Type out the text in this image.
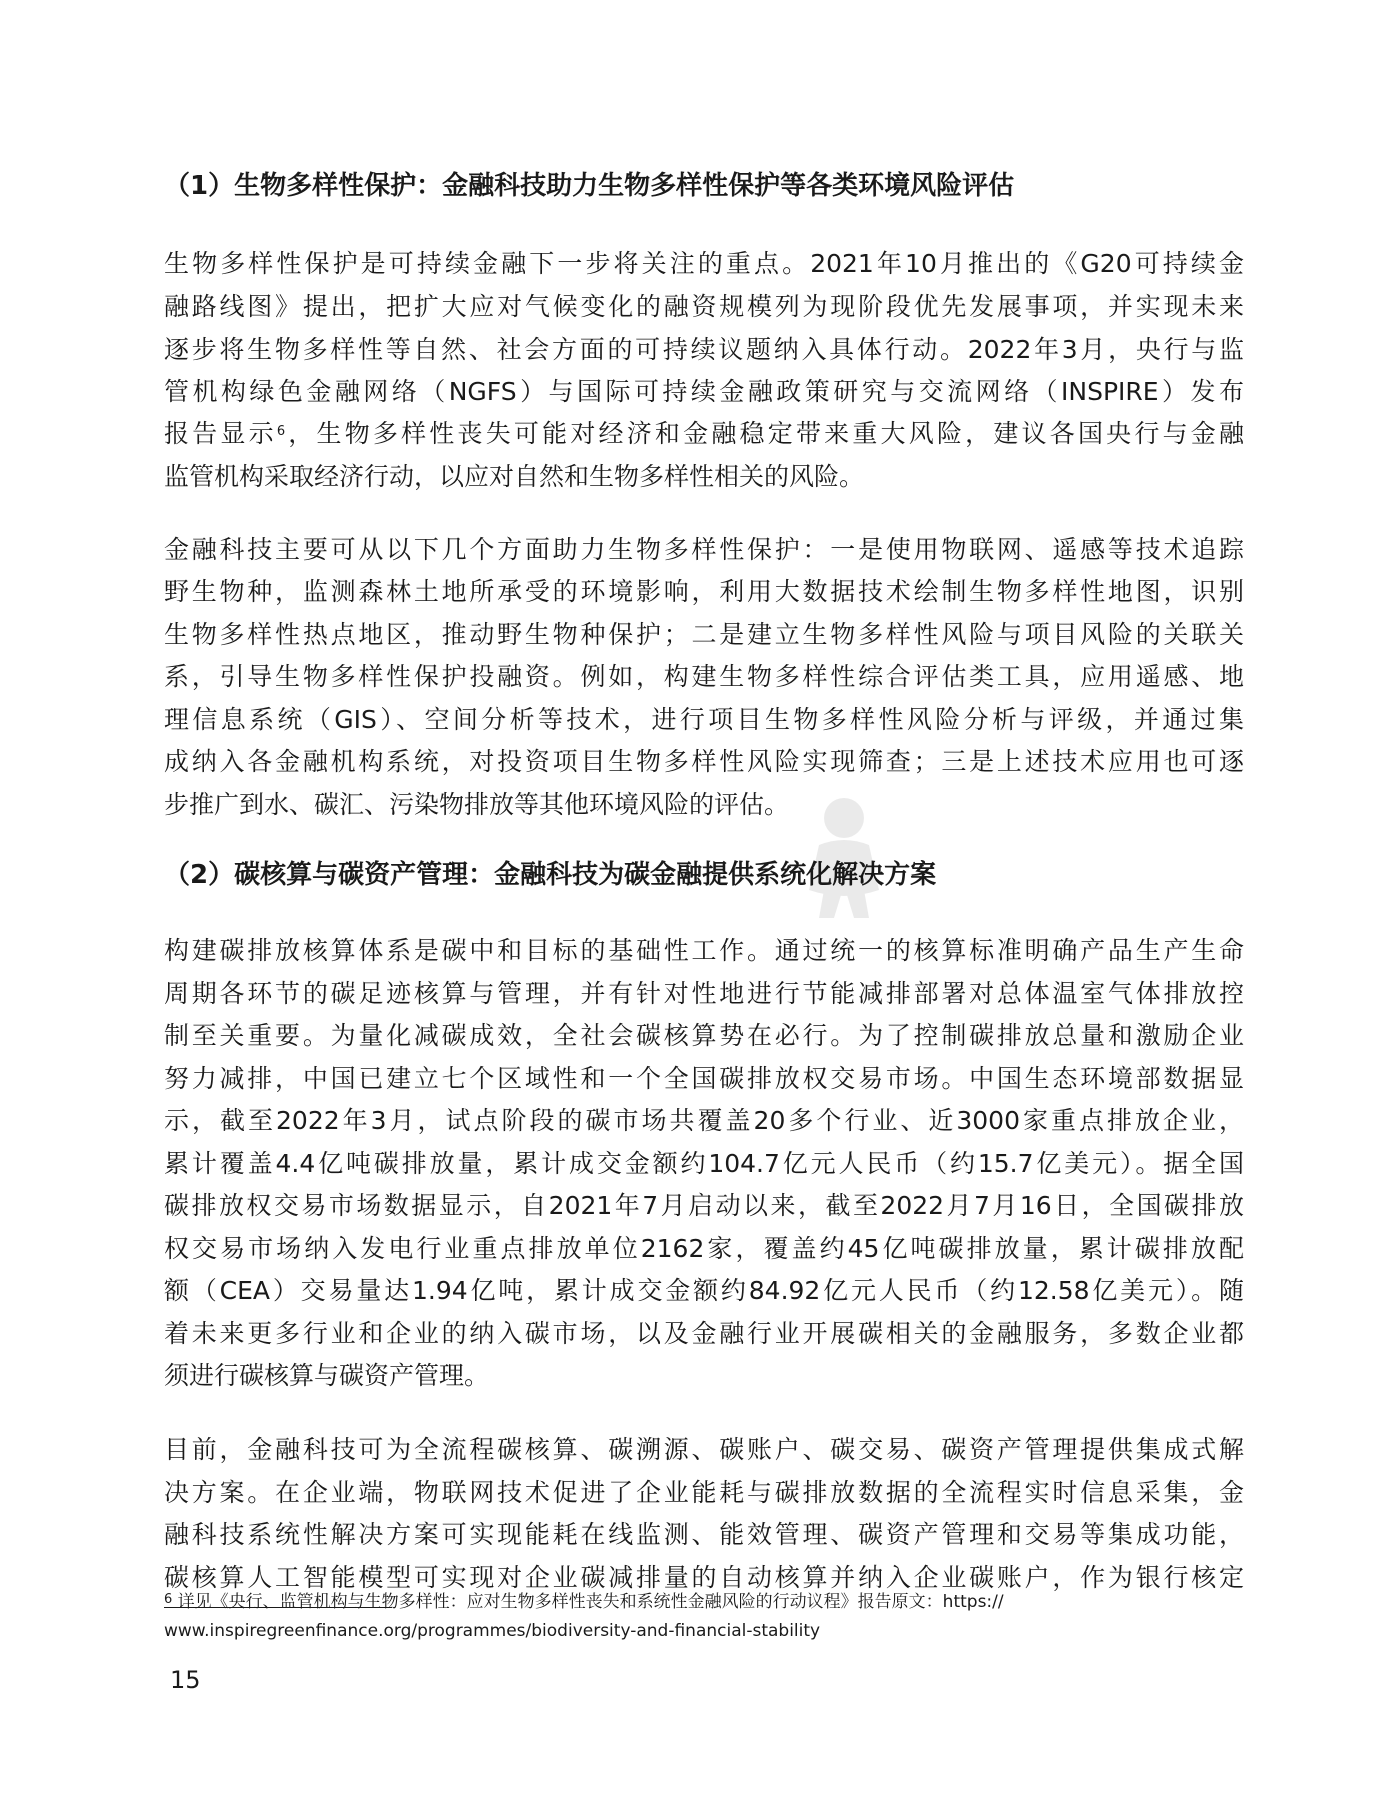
（1）生物多样性保护：金融科技助力生物多样性保护等各类环境风险评估
生物多样性保护是可持续金融下一步将关注的重点。2021年10月推出的《G20可持续金
融路线图》提出，把扩大应对气候变化的融资规模列为现阶段优先发展事项，并实现未来
逐步将生物多样性等自然、社会方面的可持续议题纳入具体行动。2022年3月，央行与监
管机构绿色金融网络（NGFS）与国际可持续金融政策研究与交流网络（INSPIRE）发布
报告显示$^6$，生物多样性丧失可能对经济和金融稳定带来重大风险，建议各国央行与金融
监管机构采取经济行动，以应对自然和生物多样性相关的风险。
金融科技主要可从以下几个方面助力生物多样性保护：一是使用物联网、遥感等技术追踪
野生物种，监测森林土地所承受的环境影响，利用大数据技术绘制生物多样性地图，识别
生物多样性热点地区，推动野生物种保护；二是建立生物多样性风险与项目风险的关联关
系，引导生物多样性保护投融资。例如，构建生物多样性综合评估类工具，应用遥感、地
理信息系统（GIS）、空间分析等技术，进行项目生物多样性风险分析与评级，并通过集
成纳入各金融机构系统，对投资项目生物多样性风险实现筛查；三是上述技术应用也可逐
步推广到水、碳汇、污染物排放等其他环境风险的评估。
（2）碳核算与碳资产管理：金融科技为碳金融提供系统化解决方案
构建碳排放核算体系是碳中和目标的基础性工作。通过统一的核算标准明确产品生产生命
周期各环节的碳足迹核算与管理，并有针对性地进行节能减排部署对总体温室气体排放控
制至关重要。为量化减碳成效，全社会碳核算势在必行。为了控制碳排放总量和激励企业
努力减排，中国已建立七个区域性和一个全国碳排放权交易市场。中国生态环境部数据显
示，截至2022年3月，试点阶段的碳市场共覆盖20多个行业、近3000家重点排放企业，
累计覆盖4.4亿吨碳排放量，累计成交金额约104.7亿元人民币（约15.7亿美元）。据全国
碳排放权交易市场数据显示，自2021年7月启动以来，截至2022月7月16日，全国碳排放
权交易市场纳入发电行业重点排放单位2162家，覆盖约45亿吨碳排放量，累计碳排放配
额（CEA）交易量达1.94亿吨，累计成交金额约84.92亿元人民币（约12.58亿美元）。随
着未来更多行业和企业的纳入碳市场，以及金融行业开展碳相关的金融服务，多数企业都
须进行碳核算与碳资产管理。
目前，金融科技可为全流程碳核算、碳溯源、碳账户、碳交易、碳资产管理提供集成式解
决方案。在企业端，物联网技术促进了企业能耗与碳排放数据的全流程实时信息采集，金
融科技系统性解决方案可实现能耗在线监测、能效管理、碳资产管理和交易等集成功能，
碳核算人工智能模型可实现对企业碳减排量的自动核算并纳入企业碳账户，作为银行核定
$^6$ 详见《央行、监管机构与生物多样性：应对生物多样性丧失和系统性金融风险的行动议程》报告原文：https://
www.inspiregreenfinance.org/programmes/biodiversity-and-financial-stability
15
